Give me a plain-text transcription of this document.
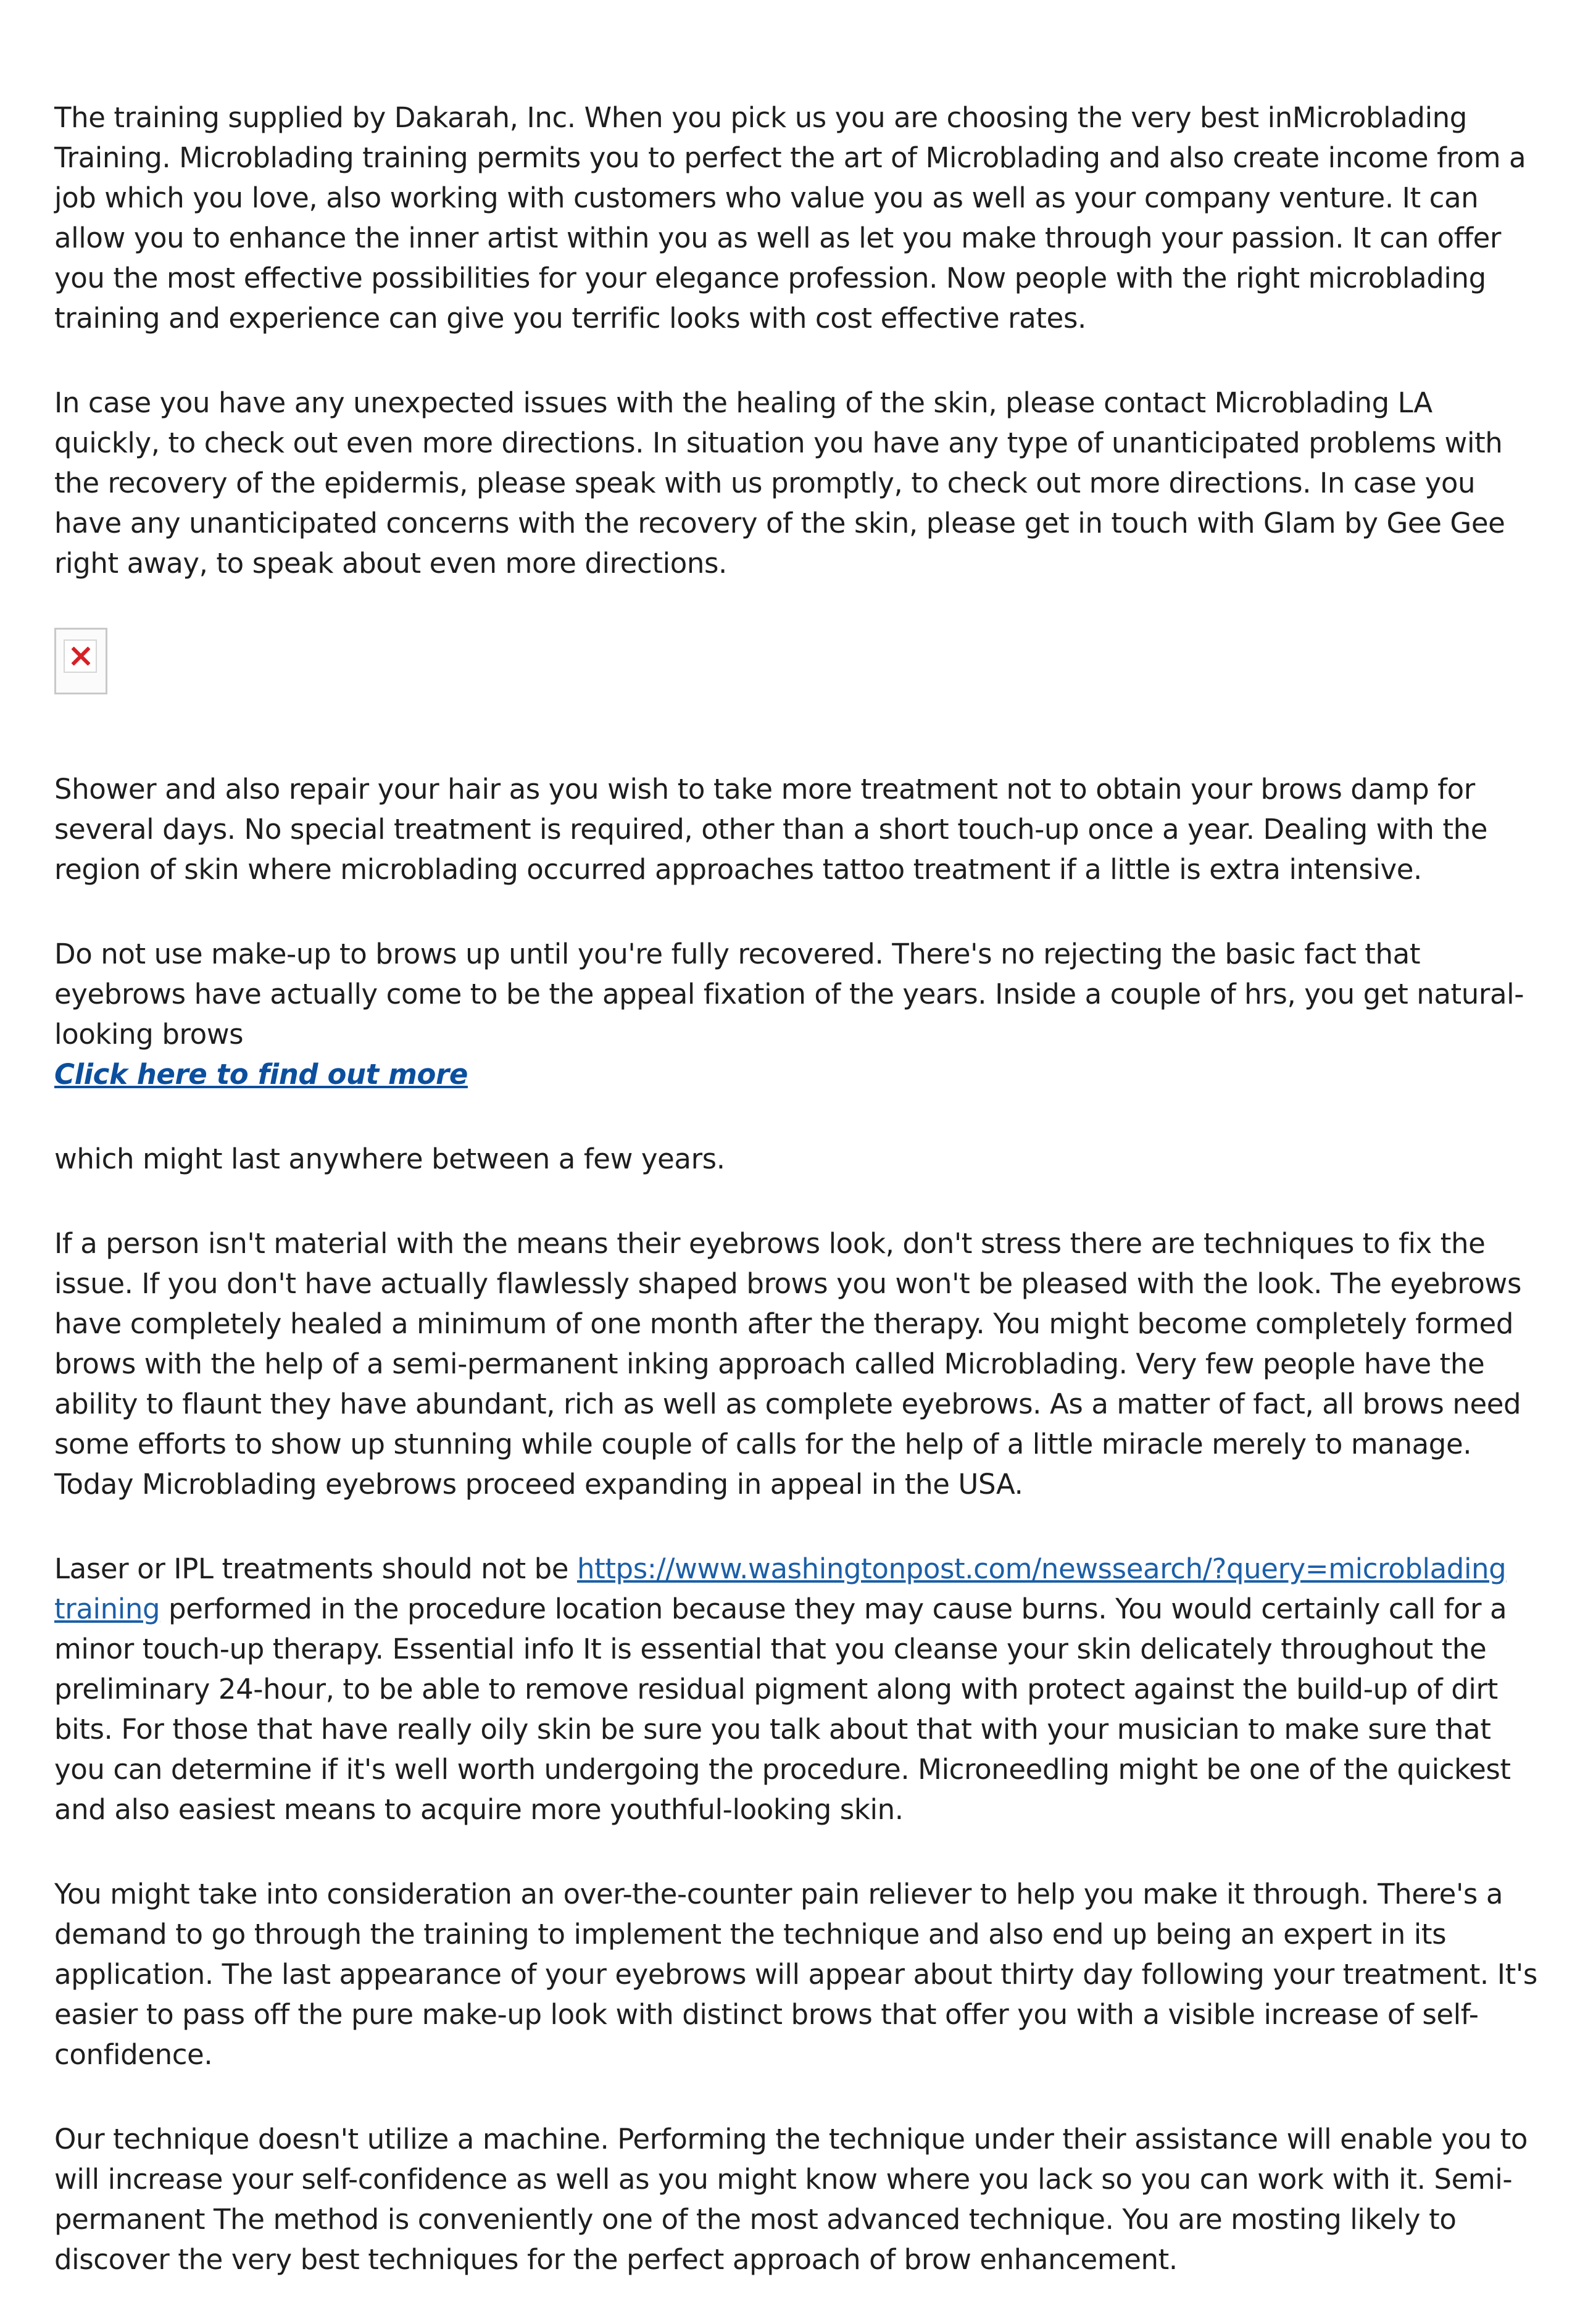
The training supplied by Dakarah, Inc. When you pick us you are choosing the very best inMicroblading Training. Microblading training permits you to perfect the art of Microblading and also create income from a job which you love, also working with customers who value you as well as your company venture. It can allow you to enhance the inner artist within you as well as let you make through your passion. It can offer you the most effective possibilities for your elegance profession. Now people with the right microblading training and experience can give you terrific looks with cost effective rates.

In case you have any unexpected issues with the healing of the skin, please contact Microblading LA quickly, to check out even more directions. In situation you have any type of unanticipated problems with the recovery of the epidermis, please speak with us promptly, to check out more directions. In case you have any unanticipated concerns with the recovery of the skin, please get in touch with Glam by Gee Gee right away, to speak about even more directions.

Shower and also repair your hair as you wish to take more treatment not to obtain your brows damp for several days. No special treatment is required, other than a short touch-up once a year. Dealing with the region of skin where microblading occurred approaches tattoo treatment if a little is extra intensive.

Do not use make-up to brows up until you're fully recovered. There's no rejecting the basic fact that eyebrows have actually come to be the appeal fixation of the years. Inside a couple of hrs, you get natural-looking brows

Click here to find out more

which might last anywhere between a few years.

If a person isn't material with the means their eyebrows look, don't stress there are techniques to fix the issue. If you don't have actually flawlessly shaped brows you won't be pleased with the look. The eyebrows have completely healed a minimum of one month after the therapy. You might become completely formed brows with the help of a semi-permanent inking approach called Microblading. Very few people have the ability to flaunt they have abundant, rich as well as complete eyebrows. As a matter of fact, all brows need some efforts to show up stunning while couple of calls for the help of a little miracle merely to manage. Today Microblading eyebrows proceed expanding in appeal in the USA.

Laser or IPL treatments should not be https://www.washingtonpost.com/newssearch/?query=microblading training performed in the procedure location because they may cause burns. You would certainly call for a minor touch-up therapy. Essential info It is essential that you cleanse your skin delicately throughout the preliminary 24-hour, to be able to remove residual pigment along with protect against the build-up of dirt bits. For those that have really oily skin be sure you talk about that with your musician to make sure that you can determine if it's well worth undergoing the procedure. Microneedling might be one of the quickest and also easiest means to acquire more youthful-looking skin.

You might take into consideration an over-the-counter pain reliever to help you make it through. There's a demand to go through the training to implement the technique and also end up being an expert in its application. The last appearance of your eyebrows will appear about thirty day following your treatment. It's easier to pass off the pure make-up look with distinct brows that offer you with a visible increase of self-confidence.

Our technique doesn't utilize a machine. Performing the technique under their assistance will enable you to will increase your self-confidence as well as you might know where you lack so you can work with it. Semi-permanent The method is conveniently one of the most advanced technique. You are mosting likely to discover the very best techniques for the perfect approach of brow enhancement.
